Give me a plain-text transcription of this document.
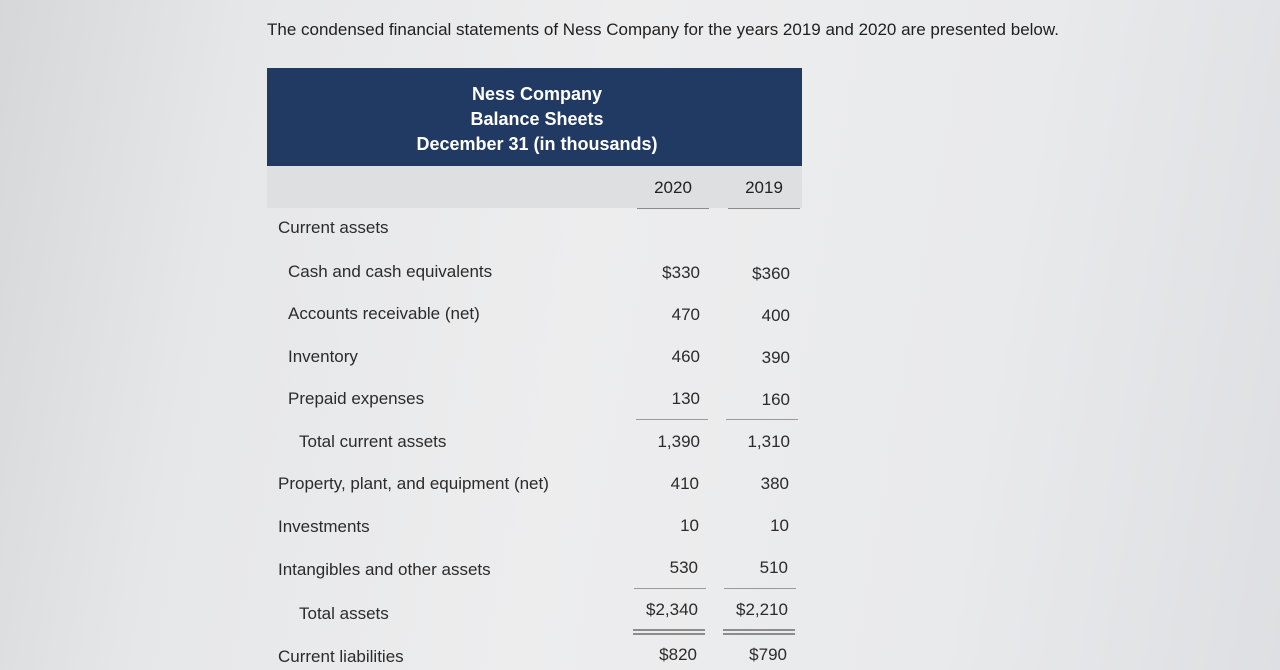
The condensed financial statements of Ness Company for the years 2019 and 2020 are presented below.
Ness Company
Balance Sheets
December 31 (in thousands)
2020	2019
Current assets
Cash and cash equivalents	$330	$360
Accounts receivable (net)	470	400
Inventory	460	390
Prepaid expenses	130	160
Total current assets	1,390	1,310
Property, plant, and equipment (net)	410	380
Investments	10	10
Intangibles and other assets	530	510
Total assets	$2,340	$2,210
Current liabilities	$820	$790
